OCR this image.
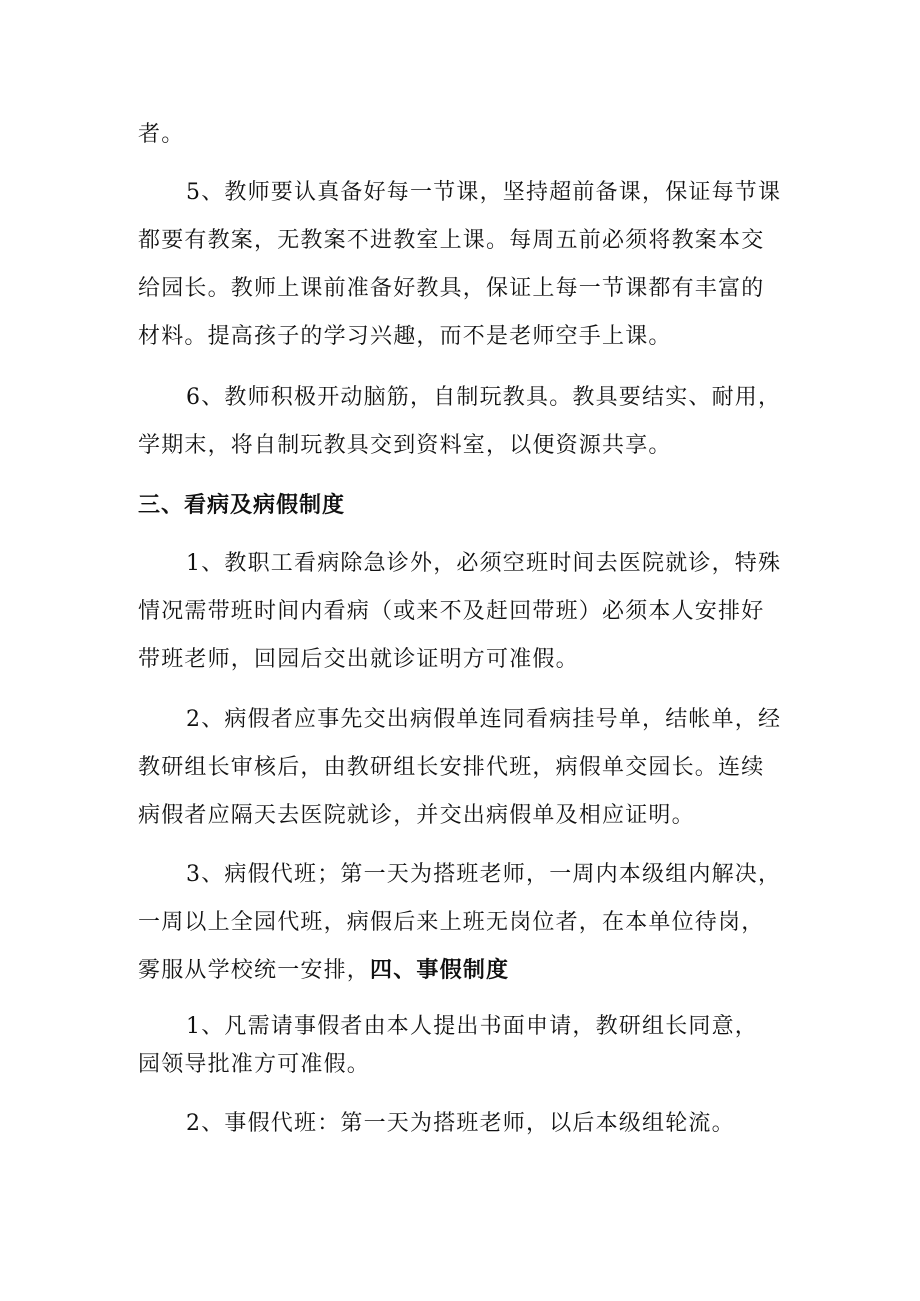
者。
5、教师要认真备好每一节课，坚持超前备课，保证每节课
都要有教案，无教案不进教室上课。每周五前必须将教案本交
给园长。教师上课前准备好教具，保证上每一节课都有丰富的
材料。提高孩子的学习兴趣，而不是老师空手上课。
6、教师积极开动脑筋，自制玩教具。教具要结实、耐用，
学期末，将自制玩教具交到资料室，以便资源共享。
三、看病及病假制度
1、教职工看病除急诊外，必须空班时间去医院就诊，特殊
情况需带班时间内看病（或来不及赶回带班）必须本人安排好
带班老师，回园后交出就诊证明方可准假。
2、病假者应事先交出病假单连同看病挂号单，结帐单，经
教研组长审核后，由教研组长安排代班，病假单交园长。连续
病假者应隔天去医院就诊，并交出病假单及相应证明。
3、病假代班；第一天为搭班老师，一周内本级组内解决，
一周以上全园代班，病假后来上班无岗位者，在本单位待岗，
雾服从学校统一安排，四、事假制度
1、凡需请事假者由本人提出书面申请，教研组长同意，
园领导批准方可准假。
2、事假代班：第一天为搭班老师，以后本级组轮流。
